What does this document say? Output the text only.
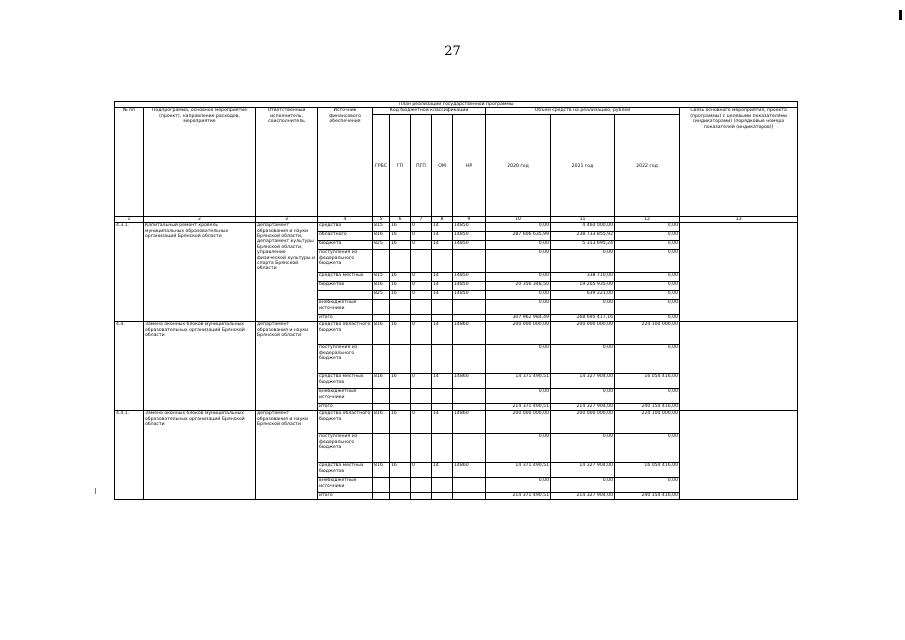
27
План реализации государственной программы												
№ пп	Подпрограмма, основное мероприятие (проект), направление расходов, мероприятие	Ответственный исполнитель, соисполнитель	Источник финансового обеспечения	Код бюджетной классификации					Объём средств на реализацию, рублей			Связь основного мероприятия, проекта (программы) с целевыми показателями (индикаторами) (порядковые номера показателей (индикаторов))
				ГРБС	ГП	ПГП	ОМ	НР	2020 год	2021 год	2022 год	
1	2	3	4	5	6	7	8	9	10	11	12	13
4.3.1.	Капитальный ремонт кровель муниципальных образовательных организаций Брянской области	департамент образования и науки Брянской области, департамент культуры Брянской области, управление физической культуры и спорта Брянской области	средства	815	16	0	14	14850	0,00	4 464 000,00	0,00	
			областного	816	16	0	14	14850	287 606 635,99	238 733 855,92	0,00	
			бюджета	825	16	0	14	14850	0,00	5 313 695,24	0,00	
			поступления из федерального бюджета						0,00	0,00	0,00	
			средства местных	815	16	0	14	14850	0,00	338 710,00	0,00	
			бюджетов	816	16	0	14	14850	20 356 348,50	19 205 935,00	0,00	
				825	16	0	14	14850	0,00	639 221,00	0,00	
			внебюджетные источники						0,00	0,00	0,00	
			итого						307 962 984,49	268 695 417,16	0,00	
4.4.	Замена оконных блоков муниципальных образовательных организаций Брянской области	департамент образования и науки Брянской области	средства областного бюджета	816	16	0	14	14860	200 000 000,00	200 000 000,00	224 100 000,00	
			поступления из федерального бюджета						0,00	0,00	0,00	
			средства местных бюджетов	816	16	0	14	14860	14 371 490,51	14 327 904,00	16 054 416,00	
			внебюджетные источники						0,00	0,00	0,00	
			итого						214 371 490,51	214 327 904,00	240 154 416,00	
4.4.1.	Замена оконных блоков муниципальных образовательных организаций Брянской области	департамент образования и науки Брянской области	средства областного бюджета	816	16	0	14	14860	200 000 000,00	200 000 000,00	224 100 000,00	
			поступления из федерального бюджета						0,00	0,00	0,00	
			средства местных бюджетов	816	16	0	14	14860	14 371 490,51	14 327 904,00	16 054 416,00	
			внебюджетные источники						0,00	0,00	0,00	
			итого						214 371 490,51	214 327 904,00	240 154 416,00	
